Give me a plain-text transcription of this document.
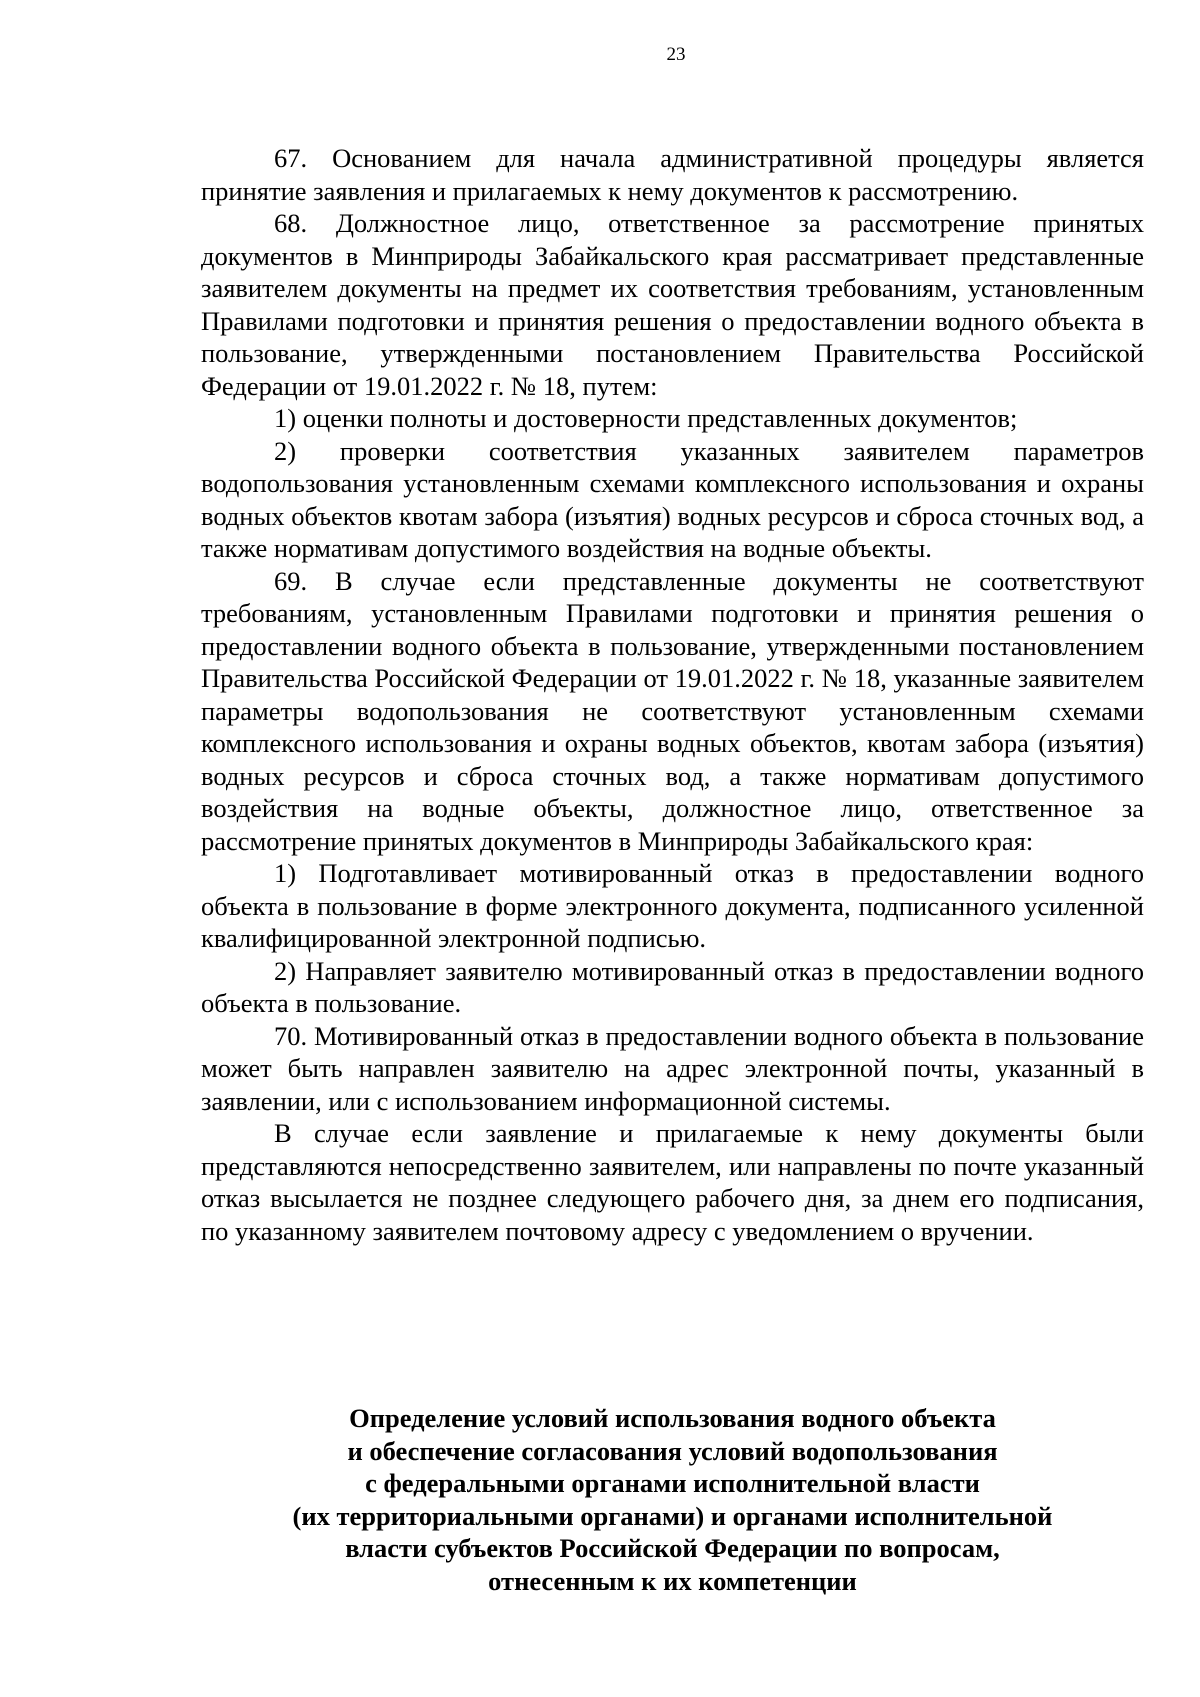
23

67. Основанием для начала административной процедуры является принятие заявления и прилагаемых к нему документов к рассмотрению.

68. Должностное лицо, ответственное за рассмотрение принятых документов в Минприроды Забайкальского края рассматривает представленные заявителем документы на предмет их соответствия требованиям, установленным Правилами подготовки и принятия решения о предоставлении водного объекта в пользование, утвержденными постановлением Правительства Российской Федерации от 19.01.2022 г. № 18, путем:

1) оценки полноты и достоверности представленных документов;

2) проверки соответствия указанных заявителем параметров водопользования установленным схемами комплексного использования и охраны водных объектов квотам забора (изъятия) водных ресурсов и сброса сточных вод, а также нормативам допустимого воздействия на водные объекты.

69. В случае если представленные документы не соответствуют требованиям, установленным Правилами подготовки и принятия решения о предоставлении водного объекта в пользование, утвержденными постановлением Правительства Российской Федерации от 19.01.2022 г. № 18, указанные заявителем параметры водопользования не соответствуют установленным схемами комплексного использования и охраны водных объектов, квотам забора (изъятия) водных ресурсов и сброса сточных вод, а также нормативам допустимого воздействия на водные объекты, должностное лицо, ответственное за рассмотрение принятых документов в Минприроды Забайкальского края:

1) Подготавливает мотивированный отказ в предоставлении водного объекта в пользование в форме электронного документа, подписанного усиленной квалифицированной электронной подписью.

2) Направляет заявителю мотивированный отказ в предоставлении водного объекта в пользование.

70. Мотивированный отказ в предоставлении водного объекта в пользование может быть направлен заявителю на адрес электронной почты, указанный в заявлении, или с использованием информационной системы.

В случае если заявление и прилагаемые к нему документы были представляются непосредственно заявителем, или направлены по почте указанный отказ высылается не позднее следующего рабочего дня, за днем его подписания, по указанному заявителем почтовому адресу с уведомлением о вручении.

Определение условий использования водного объекта
и обеспечение согласования условий водопользования
с федеральными органами исполнительной власти
(их территориальными органами) и органами исполнительной
власти субъектов Российской Федерации по вопросам,
отнесенным к их компетенции
